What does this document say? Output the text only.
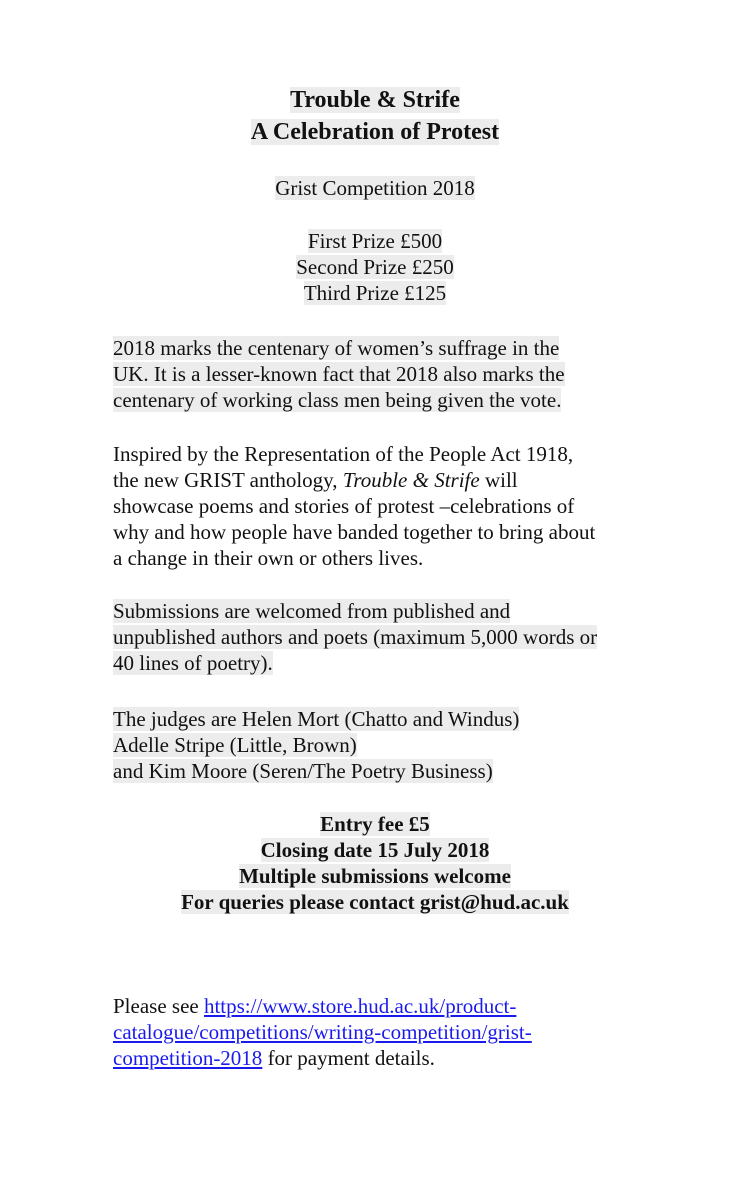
Trouble & Strife
A Celebration of Protest
Grist Competition 2018
First Prize £500
Second Prize £250
Third Prize £125
2018 marks the centenary of women’s suffrage in the
UK. It is a lesser-known fact that 2018 also marks the
centenary of working class men being given the vote.
Inspired by the Representation of the People Act 1918,
the new GRIST anthology, Trouble & Strife will
showcase poems and stories of protest –celebrations of
why and how people have banded together to bring about
a change in their own or others lives.
Submissions are welcomed from published and
unpublished authors and poets (maximum 5,000 words or
40 lines of poetry).
The judges are Helen Mort (Chatto and Windus)
Adelle Stripe (Little, Brown)
and Kim Moore (Seren/The Poetry Business)
Entry fee £5
Closing date 15 July 2018
Multiple submissions welcome
For queries please contact grist@hud.ac.uk
Please see https://www.store.hud.ac.uk/product-
catalogue/competitions/writing-competition/grist-
competition-2018 for payment details.
